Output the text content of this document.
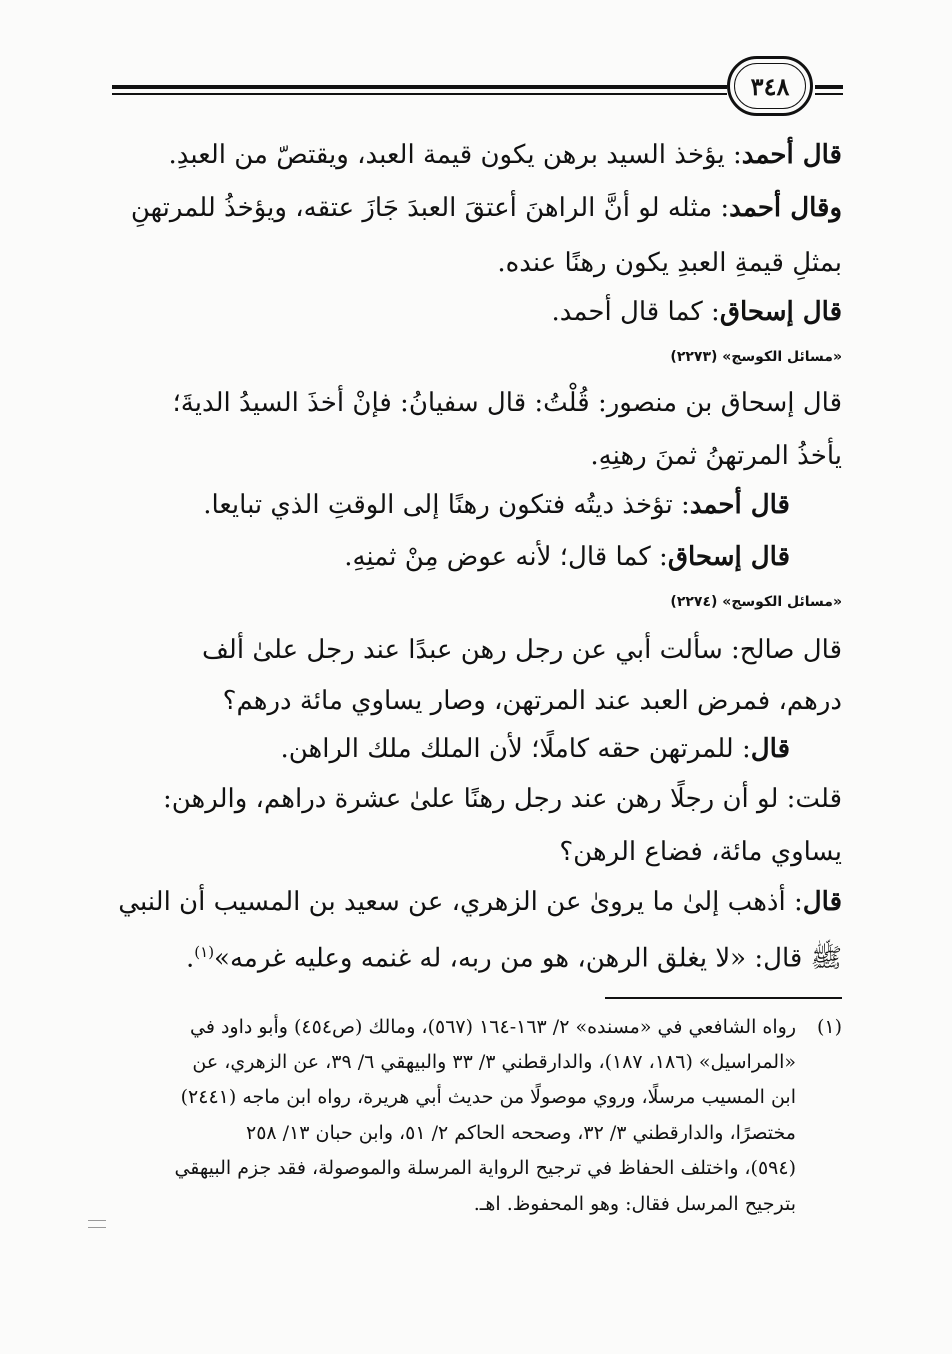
٣٤٨
قال أحمد: يؤخذ السيد برهن يكون قيمة العبد، ويقتصّ من العبدِ.
وقال أحمد: مثله لو أنَّ الراهنَ أعتقَ العبدَ جَازَ عتقه، ويؤخذُ للمرتهنِ
بمثلِ قيمةِ العبدِ يكون رهنًا عنده.
قال إسحاق: كما قال أحمد.
«مسائل الكوسج» (٢٢٧٣)
قال إسحاق بن منصور: قُلْتُ: قال سفيانُ: فإنْ أخذَ السيدُ الديةَ؛
يأخذُ المرتهنُ ثمنَ رهنِهِ.
قال أحمد: تؤخذ ديتُه فتكون رهنًا إلى الوقتِ الذي تبايعا.
قال إسحاق: كما قال؛ لأنه عوض مِنْ ثمنِهِ.
«مسائل الكوسج» (٢٢٧٤)
قال صالح: سألت أبي عن رجل رهن عبدًا عند رجل علىٰ ألف
درهم، فمرض العبد عند المرتهن، وصار يساوي مائة درهم؟
قال: للمرتهن حقه كاملًا؛ لأن الملك ملك الراهن.
قلت: لو أن رجلًا رهن عند رجل رهنًا علىٰ عشرة دراهم، والرهن:
يساوي مائة، فضاع الرهن؟
قال: أذهب إلىٰ ما يرویٰ عن الزهري، عن سعيد بن المسيب أن النبي
ﷺ قال: «لا يغلق الرهن، هو من ربه، له غنمه وعليه غرمه»$^{(١)}$.
(١)
رواه الشافعي في «مسنده» ٢/ ١٦٣-١٦٤ (٥٦٧)، ومالك (ص٤٥٤) وأبو داود في
«المراسيل» (١٨٦، ١٨٧)، والدارقطني ٣/ ٣٣ والبيهقي ٦/ ٣٩، عن الزهري، عن
ابن المسيب مرسلًا، وروي موصولًا من حديث أبي هريرة، رواه ابن ماجه (٢٤٤١)
مختصرًا، والدارقطني ٣/ ٣٢، وصححه الحاكم ٢/ ٥١، وابن حبان ١٣/ ٢٥٨
(٥٩٤)، واختلف الحفاظ في ترجيح الرواية المرسلة والموصولة، فقد جزم البيهقي
بترجيح المرسل فقال: وهو المحفوظ. اهـ.
